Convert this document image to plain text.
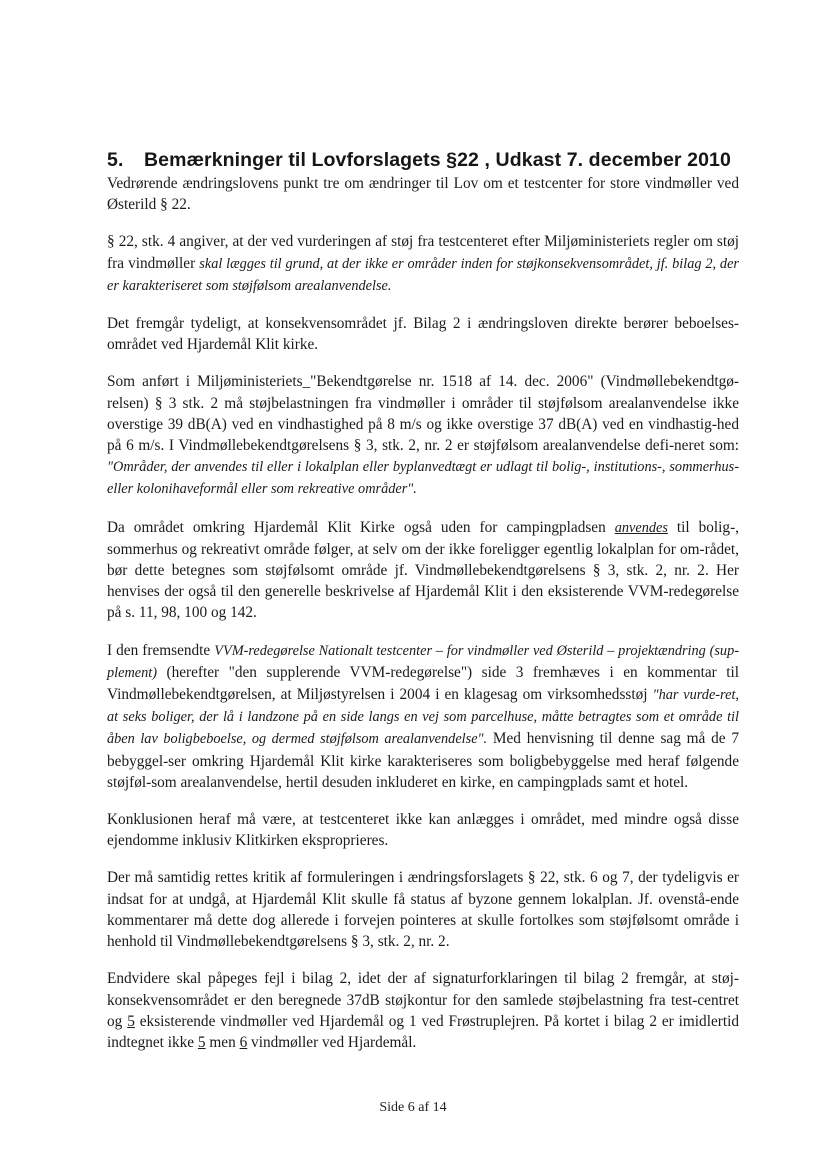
5. Bemærkninger til Lovforslagets §22 , Udkast 7. december 2010

Vedrørende ændringslovens punkt tre om ændringer til Lov om et testcenter for store vindmøller ved Østerild § 22.

§ 22, stk. 4 angiver, at der ved vurderingen af støj fra testcenteret efter Miljøministeriets regler om støj fra vindmøller skal lægges til grund, at der ikke er områder inden for støjkonsekvensområdet, jf. bilag 2, der er karakteriseret som støjfølsom arealanvendelse.

Det fremgår tydeligt, at konsekvensområdet jf. Bilag 2 i ændringsloven direkte berører beboelses-området ved Hjardemål Klit kirke.

Som anført i Miljøministeriets_"Bekendtgørelse nr. 1518 af 14. dec. 2006" (Vindmøllebekendtgø-relsen) § 3 stk. 2 må støjbelastningen fra vindmøller i områder til støjfølsom arealanvendelse ikke overstige 39 dB(A) ved en vindhastighed på 8 m/s og ikke overstige 37 dB(A) ved en vindhastig-hed på 6 m/s. I Vindmøllebekendtgørelsens § 3, stk. 2, nr. 2 er støjfølsom arealanvendelse defi-neret som: "Områder, der anvendes til eller i lokalplan eller byplanvedtægt er udlagt til bolig-, institutions-, sommerhus- eller kolonihaveformål eller som rekreative områder".

Da området omkring Hjardemål Klit Kirke også uden for campingpladsen anvendes til bolig-, sommerhus og rekreativt område følger, at selv om der ikke foreligger egentlig lokalplan for om-rådet, bør dette betegnes som støjfølsomt område jf. Vindmøllebekendtgørelsens § 3, stk. 2, nr. 2. Her henvises der også til den generelle beskrivelse af Hjardemål Klit i den eksisterende VVM-redegørelse på s. 11, 98, 100 og 142.

I den fremsendte VVM-redegørelse Nationalt testcenter – for vindmøller ved Østerild – projektændring (sup-plement) (herefter "den supplerende VVM-redegørelse") side 3 fremhæves i en kommentar til Vindmøllebekendtgørelsen, at Miljøstyrelsen i 2004 i en klagesag om virksomhedsstøj "har vurde-ret, at seks boliger, der lå i landzone på en side langs en vej som parcelhuse, måtte betragtes som et område til åben lav boligbeboelse, og dermed støjfølsom arealanvendelse". Med henvisning til denne sag må de 7 bebyggel-ser omkring Hjardemål Klit kirke karakteriseres som boligbebyggelse med heraf følgende støjføl-som arealanvendelse, hertil desuden inkluderet en kirke, en campingplads samt et hotel.

Konklusionen heraf må være, at testcenteret ikke kan anlægges i området, med mindre også disse ejendomme inklusiv Klitkirken eksproprieres.

Der må samtidig rettes kritik af formuleringen i ændringsforslagets § 22, stk. 6 og 7, der tydeligvis er indsat for at undgå, at Hjardemål Klit skulle få status af byzone gennem lokalplan. Jf. ovenstå-ende kommentarer må dette dog allerede i forvejen pointeres at skulle fortolkes som støjfølsomt område i henhold til Vindmøllebekendtgørelsens § 3, stk. 2, nr. 2.

Endvidere skal påpeges fejl i bilag 2, idet der af signaturforklaringen til bilag 2 fremgår, at støj-konsekvensområdet er den beregnede 37dB støjkontur for den samlede støjbelastning fra test-centret og 5 eksisterende vindmøller ved Hjardemål og 1 ved Frøstruplejren. På kortet i bilag 2 er imidlertid indtegnet ikke 5 men 6 vindmøller ved Hjardemål.

Side 6 af 14
